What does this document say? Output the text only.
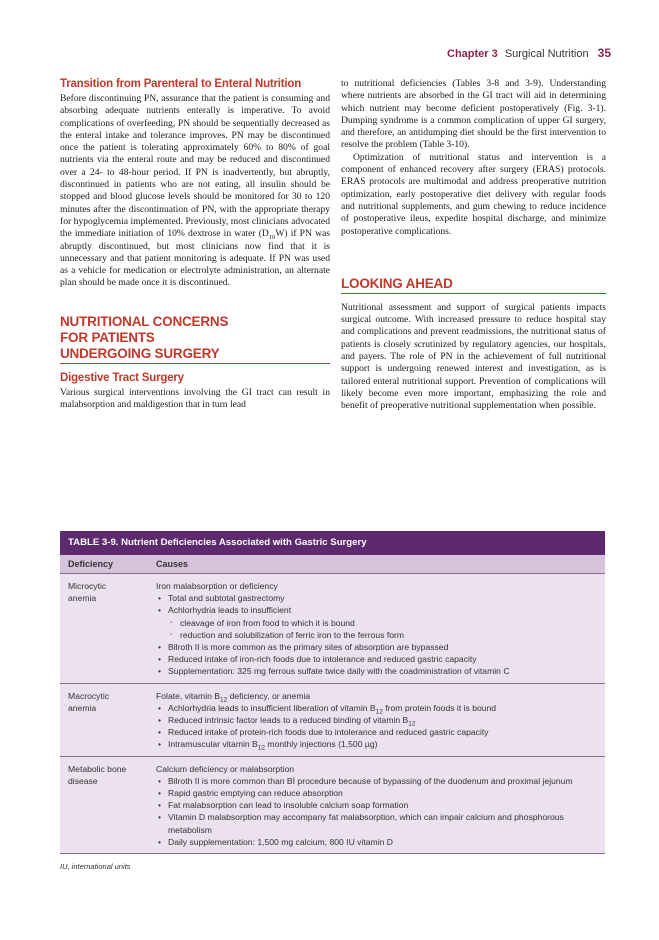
Chapter 3 Surgical Nutrition 35
Transition from Parenteral to Enteral Nutrition

Before discontinuing PN, assurance that the patient is consuming and absorbing adequate nutrients enterally is imperative. To avoid complications of overfeeding, PN should be sequentially decreased as the enteral intake and tolerance improves. PN may be discontinued once the patient is tolerating approximately 60% to 80% of goal nutrients via the enteral route and may be reduced and discontinued over a 24- to 48-hour period. If PN is inadvertently, but abruptly, discontinued in patients who are not eating, all insulin should be stopped and blood glucose levels should be monitored for 30 to 120 minutes after the discontinuation of PN, with the appropriate therapy for hypoglycemia implemented. Previously, most clinicians advocated the immediate initiation of 10% dextrose in water $(D_{10}W)$ if PN was abruptly discontinued, but most clinicians now find that it is unnecessary and that patient monitoring is adequate. If PN was used as a vehicle for medication or electrolyte administration, an alternate plan should be made once it is discontinued.

NUTRITIONAL CONCERNS
FOR PATIENTS
UNDERGOING SURGERY
Digestive Tract Surgery

Various surgical interventions involving the GI tract can result in malabsorption and maldigestion that in turn lead

to nutritional deficiencies (Tables 3-8 and 3-9). Understanding where nutrients are absorbed in the GI tract will aid in determining which nutrient may become deficient postoperatively (Fig. 3-1). Dumping syndrome is a common complication of upper GI surgery, and therefore, an antidumping diet should be the first intervention to resolve the problem (Table 3-10).

Optimization of nutritional status and intervention is a component of enhanced recovery after surgery (ERAS) protocols. ERAS protocols are multimodal and address preoperative nutrition optimization, early postoperative diet delivery with regular foods and nutritional supplements, and gum chewing to reduce incidence of postoperative ileus, expedite hospital discharge, and minimize postoperative complications.

LOOKING AHEAD

Nutritional assessment and support of surgical patients impacts surgical outcome. With increased pressure to reduce hospital stay and complications and prevent readmissions, the nutritional status of patients is closely scrutinized by regulatory agencies, our hospitals, and payers. The role of PN in the achievement of full nutritional support is undergoing renewed interest and investigation, as is tailored enteral nutritional support. Prevention of complications will likely become even more important, emphasizing the role and benefit of preoperative nutritional supplementation when possible.

TABLE 3-9. Nutrient Deficiencies Associated with Gastric Surgery
Deficiency	Causes
Microcytic
anemia
Iron malabsorption or deficiency
• Total and subtotal gastrectomy
• Achlorhydria leads to insufficient
▪ cleavage of iron from food to which it is bound
▪ reduction and solubilization of ferric iron to the ferrous form
• Bilroth II is more common as the primary sites of absorption are bypassed
• Reduced intake of iron-rich foods due to intolerance and reduced gastric capacity
• Supplementation: 325 mg ferrous sulfate twice daily with the coadministration of vitamin C
Macrocytic
anemia
Folate, vitamin $B_{12}$ deficiency, or anemia
• Achlorhydria leads to insufficient liberation of vitamin $B_{12}$ from protein foods it is bound
• Reduced intrinsic factor leads to a reduced binding of vitamin $B_{12}$
• Reduced intake of protein-rich foods due to intolerance and reduced gastric capacity
• Intramuscular vitamin $B_{12}$ monthly injections (1,500 µg)
Metabolic bone
disease
Calcium deficiency or malabsorption
• Bilroth II is more common than BI procedure because of bypassing of the duodenum and proximal jejunum
• Rapid gastric emptying can reduce absorption
• Fat malabsorption can lead to insoluble calcium soap formation
• Vitamin D malabsorption may accompany fat malabsorption, which can impair calcium and phosphorous metabolism
• Daily supplementation: 1,500 mg calcium, 800 IU vitamin D
IU, international units
